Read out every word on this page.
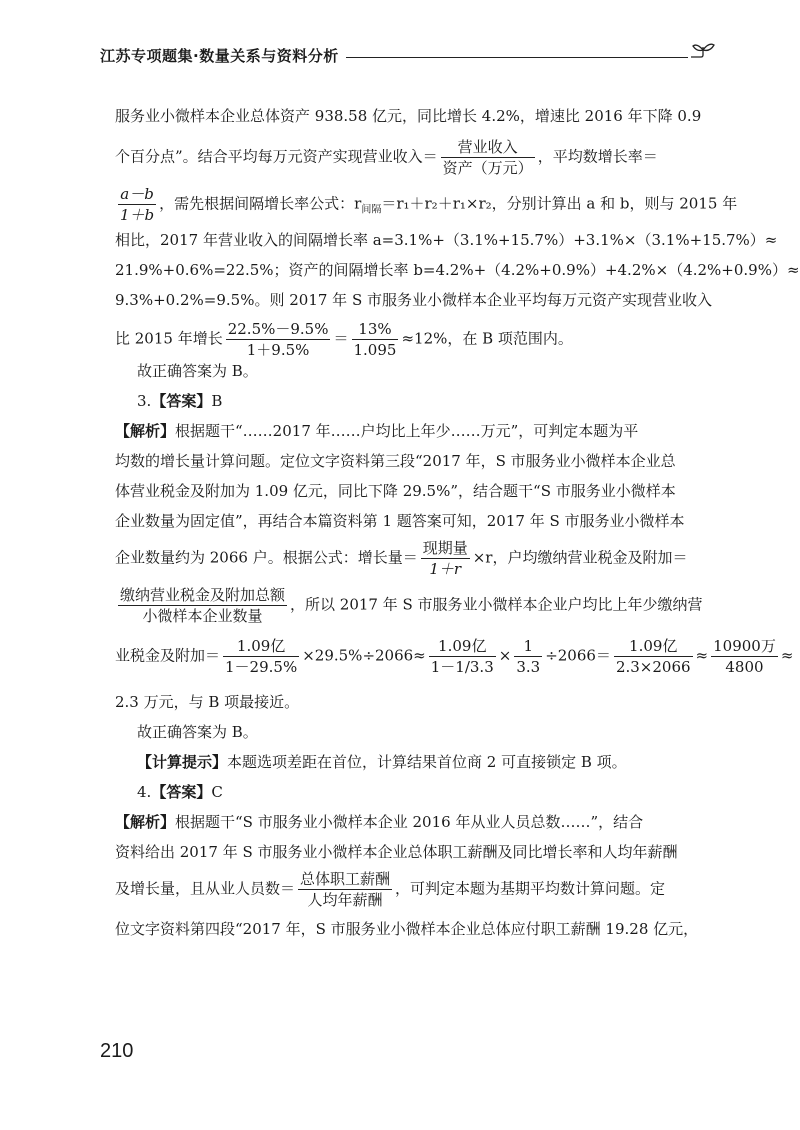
江苏专项题集·数量关系与资料分析

服务业小微样本企业总体资产 938.58 亿元，同比增长 4.2%，增速比 2016 年下降 0.9
个百分点”。结合平均每万元资产实现营业收入＝ $\frac{\text{营业收入}}{\text{资产（万元）}}$ ，平均数增长率＝
$\frac{a-b}{1+b}$ ，需先根据间隔增长率公式：$r_{间隔}=r_1+r_2+r_1\times r_2$，分别计算出 a 和 b，则与 2015 年
相比，2017 年营业收入的间隔增长率 a=3.1%+（3.1%+15.7%）+3.1%×（3.1%+15.7%）≈
21.9%+0.6%=22.5%；资产的间隔增长率 b=4.2%+（4.2%+0.9%）+4.2%×（4.2%+0.9%）≈
9.3%+0.2%=9.5%。则 2017 年 S 市服务业小微样本企业平均每万元资产实现营业收入
比 2015 年增长 $\frac{22.5\%-9.5\%}{1+9.5\%} = \frac{13\%}{1.095} \approx 12\%$，在 B 项范围内。

故正确答案为 B。

3.【答案】B

【解析】根据题干“……2017 年……户均比上年少……万元”，可判定本题为平
均数的增长量计算问题。定位文字资料第三段“2017 年，S 市服务业小微样本企业总
体营业税金及附加为 1.09 亿元，同比下降 29.5%”，结合题干“S 市服务业小微样本
企业数量为固定值”，再结合本篇资料第 1 题答案可知，2017 年 S 市服务业小微样本
企业数量约为 2066 户。根据公式：增长量＝ $\frac{\text{现期量}}{1+r} \times r$，户均缴纳营业税金及附加＝
$\frac{\text{缴纳营业税金及附加总额}}{\text{小微样本企业数量}}$ ，所以 2017 年 S 市服务业小微样本企业户均比上年少缴纳营
业税金及附加＝ $\frac{\text{1.09亿}}{1-29.5\%} \times 29.5\%\div 2066\approx \frac{\text{1.09亿}}{1-1/3.3} \times \frac{1}{3.3} \div 2066= \frac{\text{1.09亿}}{2.3\times 2066} \approx \frac{\text{10900万}}{4800}$ ≈
2.3 万元，与 B 项最接近。

故正确答案为 B。

【计算提示】本题选项差距在首位，计算结果首位商 2 可直接锁定 B 项。

4.【答案】C

【解析】根据题干“S 市服务业小微样本企业 2016 年从业人员总数……”，结合
资料给出 2017 年 S 市服务业小微样本企业总体职工薪酬及同比增长率和人均年薪酬
及增长量，且从业人员数＝ $\frac{\text{总体职工薪酬}}{\text{人均年薪酬}}$ ，可判定本题为基期平均数计算问题。定
位文字资料第四段“2017 年，S 市服务业小微样本企业总体应付职工薪酬 19.28 亿元，

210
